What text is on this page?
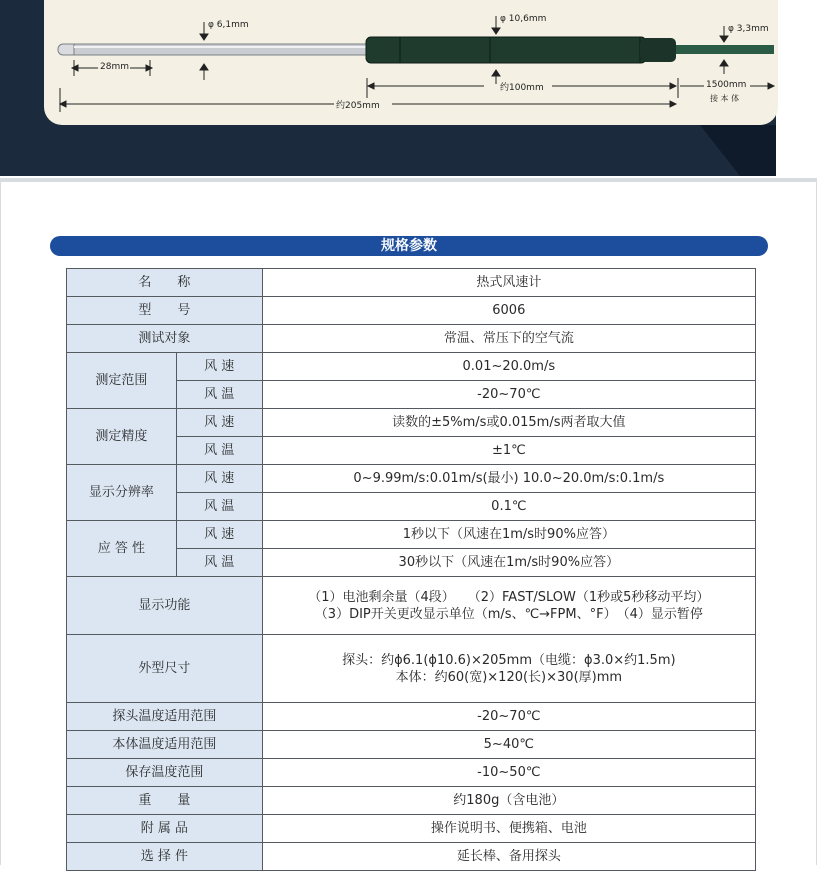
φ 6,1mm
φ 10,6mm
φ 3,3mm
28mm
约100mm	1500mm
接 本 体
约205mm
规格参数
名　　称		热式风速计
型　　号		6006
测试对象		常温、常压下的空气流
测定范围	风 速	0.01~20.0m/s
	风 温	-20~70℃
测定精度	风 速	读数的±5%m/s或0.015m/s两者取大值
	风 温	±1℃
显示分辨率	风 速	0~9.99m/s:0.01m/s(最小) 10.0~20.0m/s:0.1m/s
	风 温	0.1℃
应 答 性	风 速	1秒以下（风速在1m/s时90%应答）
	风 温	30秒以下（风速在1m/s时90%应答）
显示功能		（1）电池剩余量（4段）　　（2）FAST/SLOW（1秒或5秒移动平均）
（3）DIP开关更改显示单位（m/s、℃→FPM、°F）　（4）显示暂停

外型尺寸		探头：约ϕ6.1(ϕ10.6)×205mm（电缆：ϕ3.0×约1.5m)
本体：约60(宽)×120(长)×30(厚)mm

探头温度适用范围		-20~70℃
本体温度适用范围		5~40℃
保存温度范围		-10~50℃
重　　量		约180g（含电池）
附 属 品		操作说明书、便携箱、电池
选 择 件		延长棒、备用探头
